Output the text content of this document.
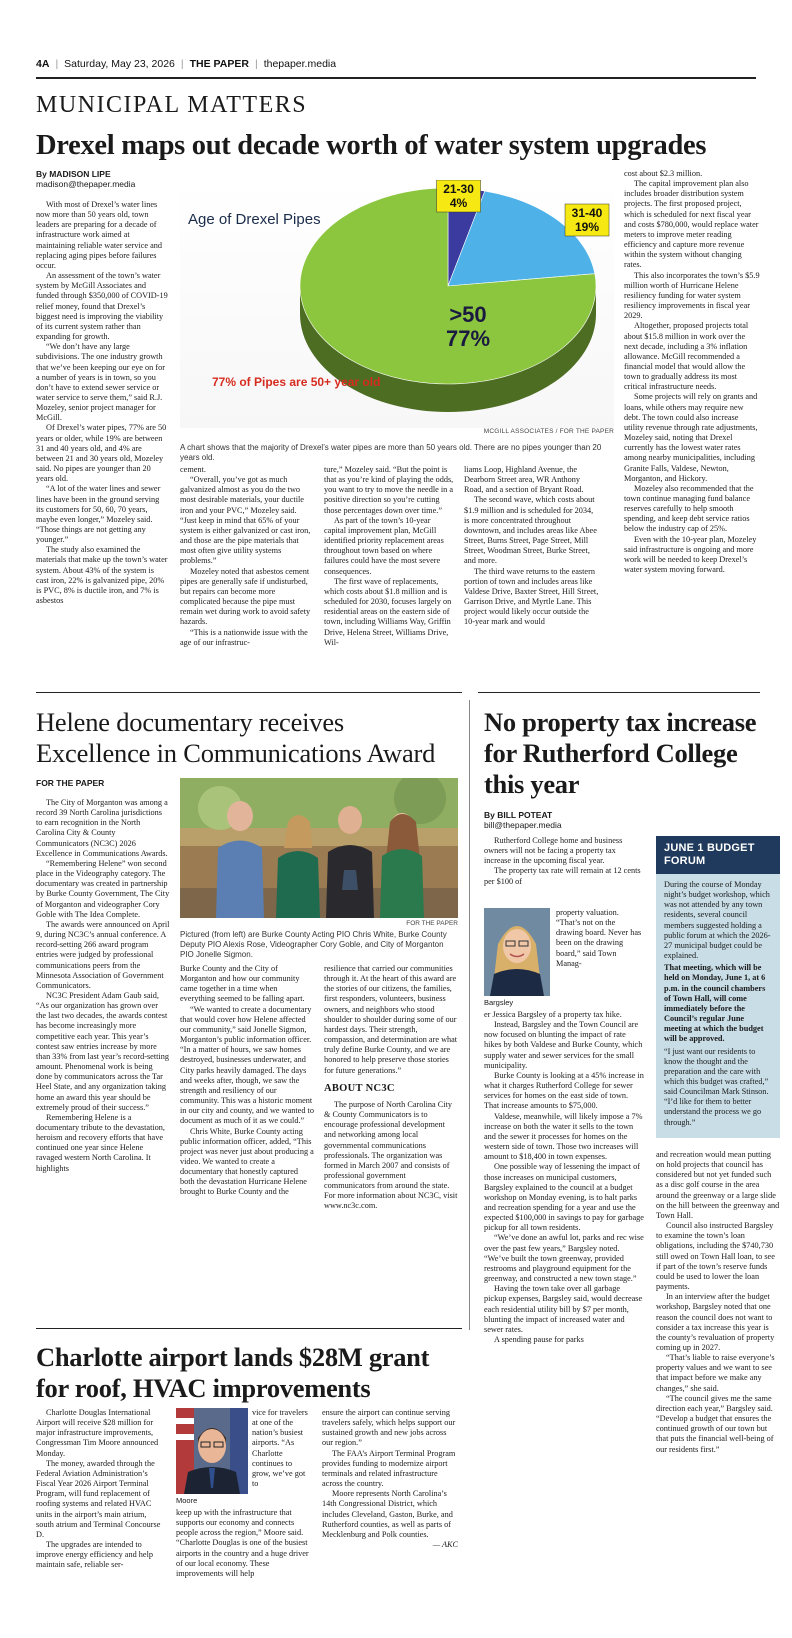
4A | Saturday, May 23, 2026 | THE PAPER | thepaper.media
MUNICIPAL MATTERS
Drexel maps out decade worth of water system upgrades
By MADISON LIPE
madison@thepaper.media

With most of Drexel’s water lines now more than 50 years old, town leaders are preparing for a decade of infrastructure work aimed at maintaining reliable water service and replacing aging pipes before failures occur.

An assessment of the town’s water system by McGill Associates and funded through $350,000 of COVID-19 relief money, found that Drexel’s biggest need is improving the viability of its current system rather than expanding for growth.

“We don’t have any large subdivisions. The one industry growth that we’ve been keeping our eye on for a number of years is in town, so you don’t have to extend sewer service or water service to serve them,” said R.J. Mozeley, senior project manager for McGill.

Of Drexel’s water pipes, 77% are 50 years or older, while 19% are between 31 and 40 years old, and 4% are between 21 and 30 years old, Mozeley said. No pipes are younger than 20 years old.

“A lot of the water lines and sewer lines have been in the ground serving its customers for 50, 60, 70 years, maybe even longer,” Mozeley said. “Those things are not getting any younger.”

The study also examined the materials that make up the town’s water system. About 43% of the system is cast iron, 22% is galvanized pipe, 20% is PVC, 8% is ductile iron, and 7% is asbestos

Age of Drexel Pipes
77% of Pipes are 50+ year old
21-30
4%
31-40
19%
>50
77%
MCGILL ASSOCIATES / FOR THE PAPER
A chart shows that the majority of Drexel’s water pipes are more than 50 years old. There are no pipes younger than 20 years old.

cement.

“Overall, you’ve got as much galvanized almost as you do the two most desirable materials, your ductile iron and your PVC,” Mozeley said. “Just keep in mind that 65% of your system is either galvanized or cast iron, and those are the pipe materials that most often give utility systems problems.”

Mozeley noted that asbestos cement pipes are generally safe if undisturbed, but repairs can become more complicated because the pipe must remain wet during work to avoid safety hazards.

“This is a nationwide issue with the age of our infrastruc-

ture,” Mozeley said. “But the point is that as you’re kind of playing the odds, you want to try to move the needle in a positive direction so you’re cutting those percentages down over time.”

As part of the town’s 10-year capital improvement plan, McGill identified priority replacement areas throughout town based on where failures could have the most severe consequences.

The first wave of replacements, which costs about $1.8 million and is scheduled for 2030, focuses largely on residential areas on the eastern side of town, including Williams Way, Griffin Drive, Helena Street, Williams Drive, Wil-

liams Loop, Highland Avenue, the Dearborn Street area, WR Anthony Road, and a section of Bryant Road.

The second wave, which costs about $1.9 million and is scheduled for 2034, is more concentrated throughout downtown, and includes areas like Abee Street, Burns Street, Page Street, Mill Street, Woodman Street, Burke Street, and more.

The third wave returns to the eastern portion of town and includes areas like Valdese Drive, Baxter Street, Hill Street, Garrison Drive, and Myrtle Lane. This project would likely occur outside the 10-year mark and would

cost about $2.3 million.

The capital improvement plan also includes broader distribution system projects. The first proposed project, which is scheduled for next fiscal year and costs $780,000, would replace water meters to improve meter reading efficiency and capture more revenue within the system without changing rates.

This also incorporates the town’s $5.9 million worth of Hurricane Helene resiliency funding for water system resiliency improvements in fiscal year 2029.

Altogether, proposed projects total about $15.8 million in work over the next decade, including a 3% inflation allowance. McGill recommended a financial model that would allow the town to gradually address its most critical infrastructure needs.

Some projects will rely on grants and loans, while others may require new debt. The town could also increase utility revenue through rate adjustments, Mozeley said, noting that Drexel currently has the lowest water rates among nearby municipalities, including Granite Falls, Valdese, Newton, Morganton, and Hickory.

Mozeley also recommended that the town continue managing fund balance reserves carefully to help smooth spending, and keep debt service ratios below the industry cap of 25%.

Even with the 10-year plan, Mozeley said infrastructure is ongoing and more work will be needed to keep Drexel’s water system moving forward.

Helene documentary receives Excellence in Communications Award
FOR THE PAPER

The City of Morganton was among a record 39 North Carolina jurisdictions to earn recognition in the North Carolina City & County Communicators (NC3C) 2026 Excellence in Communications Awards.

“Remembering Helene” won second place in the Videography category. The documentary was created in partnership by Burke County Government, The City of Morganton and videographer Cory Goble with The Idea Complete.

The awards were announced on April 9, during NC3C’s annual conference. A record-setting 266 award program entries were judged by professional communications peers from the Minnesota Association of Government Communicators.

NC3C President Adam Gaub said, “As our organization has grown over the last two decades, the awards contest has become increasingly more competitive each year. This year’s contest saw entries increase by more than 33% from last year’s record-setting amount. Phenomenal work is being done by communicators across the Tar Heel State, and any organization taking home an award this year should be extremely proud of their success.”

Remembering Helene is a documentary tribute to the devastation, heroism and recovery efforts that have continued one year since Helene ravaged western North Carolina. It highlights

FOR THE PAPER
Pictured (from left) are Burke County Acting PIO Chris White, Burke County Deputy PIO Alexis Rose, Videographer Cory Goble, and City of Morganton PIO Jonelle Sigmon.

Burke County and the City of Morganton and how our community came together in a time when everything seemed to be falling apart.

“We wanted to create a documentary that would cover how Helene affected our community,” said Jonelle Sigmon, Morganton’s public information officer. “In a matter of hours, we saw homes destroyed, businesses underwater, and City parks heavily damaged. The days and weeks after, though, we saw the strength and resiliency of our community. This was a historic moment in our city and county, and we wanted to document as much of it as we could.”

Chris White, Burke County acting public information officer, added, “This project was never just about producing a video. We wanted to create a documentary that honestly captured both the devastation Hurricane Helene brought to Burke County and the

resilience that carried our communities through it. At the heart of this award are the stories of our citizens, the families, first responders, volunteers, business owners, and neighbors who stood shoulder to shoulder during some of our hardest days. Their strength, compassion, and determination are what truly define Burke County, and we are honored to help preserve those stories for future generations.”

ABOUT NC3C

The purpose of North Carolina City & County Communicators is to encourage professional development and networking among local governmental communications professionals. The organization was formed in March 2007 and consists of professional government communicators from around the state. For more information about NC3C, visit www.nc3c.com.

No property tax increase for Rutherford College this year
By BILL POTEAT
bill@thepaper.media

Rutherford College home and business owners will not be facing a property tax increase in the upcoming fiscal year.

The property tax rate will remain at 12 cents per $100 of

Bargsley

property valuation. “That’s not on the drawing board. Never has been on the drawing board,” said Town Manag-

er Jessica Bargsley of a property tax hike.

Instead, Bargsley and the Town Council are now focused on blunting the impact of rate hikes by both Valdese and Burke County, which supply water and sewer services for the small municipality.

Burke County is looking at a 45% increase in what it charges Rutherford College for sewer services for homes on the east side of town. That increase amounts to $75,000.

Valdese, meanwhile, will likely impose a 7% increase on both the water it sells to the town and the sewer it processes for homes on the western side of town. Those two increases will amount to $18,400 in town expenses.

One possible way of lessening the impact of those increases on municipal customers, Bargsley explained to the council at a budget workshop on Monday evening, is to halt parks and recreation spending for a year and use the expected $100,000 in savings to pay for garbage pickup for all town residents.

“We’ve done an awful lot, parks and rec wise over the past few years,” Bargsley noted. “We’ve built the town greenway, provided restrooms and playground equipment for the greenway, and constructed a new town stage.”

Having the town take over all garbage pickup expenses, Bargsley said, would decrease each residential utility bill by $7 per month, blunting the impact of increased water and sewer rates.

A spending pause for parks

JUNE 1 BUDGET FORUM

During the course of Monday night’s budget workshop, which was not attended by any town residents, several council members suggested holding a public forum at which the 2026-27 municipal budget could be explained.

That meeting, which will be held on Monday, June 1, at 6 p.m. in the council chambers of Town Hall, will come immediately before the Council’s regular June meeting at which the budget will be approved.

“I just want our residents to know the thought and the preparation and the care with which this budget was crafted,” said Councilman Mark Stinson. “I’d like for them to better understand the process we go through.”

and recreation would mean putting on hold projects that council has considered but not yet funded such as a disc golf course in the area around the greenway or a large slide on the hill between the greenway and Town Hall.

Council also instructed Bargsley to examine the town’s loan obligations, including the $740,730 still owed on Town Hall loan, to see if part of the town’s reserve funds could be used to lower the loan payments.

In an interview after the budget workshop, Bargsley noted that one reason the council does not want to consider a tax increase this year is the county’s revaluation of property coming up in 2027.

“That’s liable to raise everyone’s property values and we want to see that impact before we make any changes,” she said.

“The council gives me the same direction each year,” Bargsley said. “Develop a budget that ensures the continued growth of our town but that puts the financial well-being of our residents first.”

Charlotte airport lands $28M grant for roof, HVAC improvements

Charlotte Douglas International Airport will receive $28 million for major infrastructure improvements, Congressman Tim Moore announced Monday.

The money, awarded through the Federal Aviation Administration’s Fiscal Year 2026 Airport Terminal Program, will fund replacement of roofing systems and related HVAC units in the airport’s main atrium, south atrium and Terminal Concourse D.

The upgrades are intended to improve energy efficiency and help maintain safe, reliable ser-

Moore

vice for travelers at one of the nation’s busiest airports. “As Charlotte continues to grow, we’ve got to

keep up with the infrastructure that supports our economy and connects people across the region,” Moore said. “Charlotte Douglas is one of the busiest airports in the country and a huge driver of our local economy. These improvements will help

ensure the airport can continue serving travelers safely, which helps support our sustained growth and new jobs across our region.”

The FAA’s Airport Terminal Program provides funding to modernize airport terminals and related infrastructure across the country.

Moore represents North Carolina’s 14th Congressional District, which includes Cleveland, Gaston, Burke, and Rutherford counties, as well as parts of Mecklenburg and Polk counties.

— AKC
